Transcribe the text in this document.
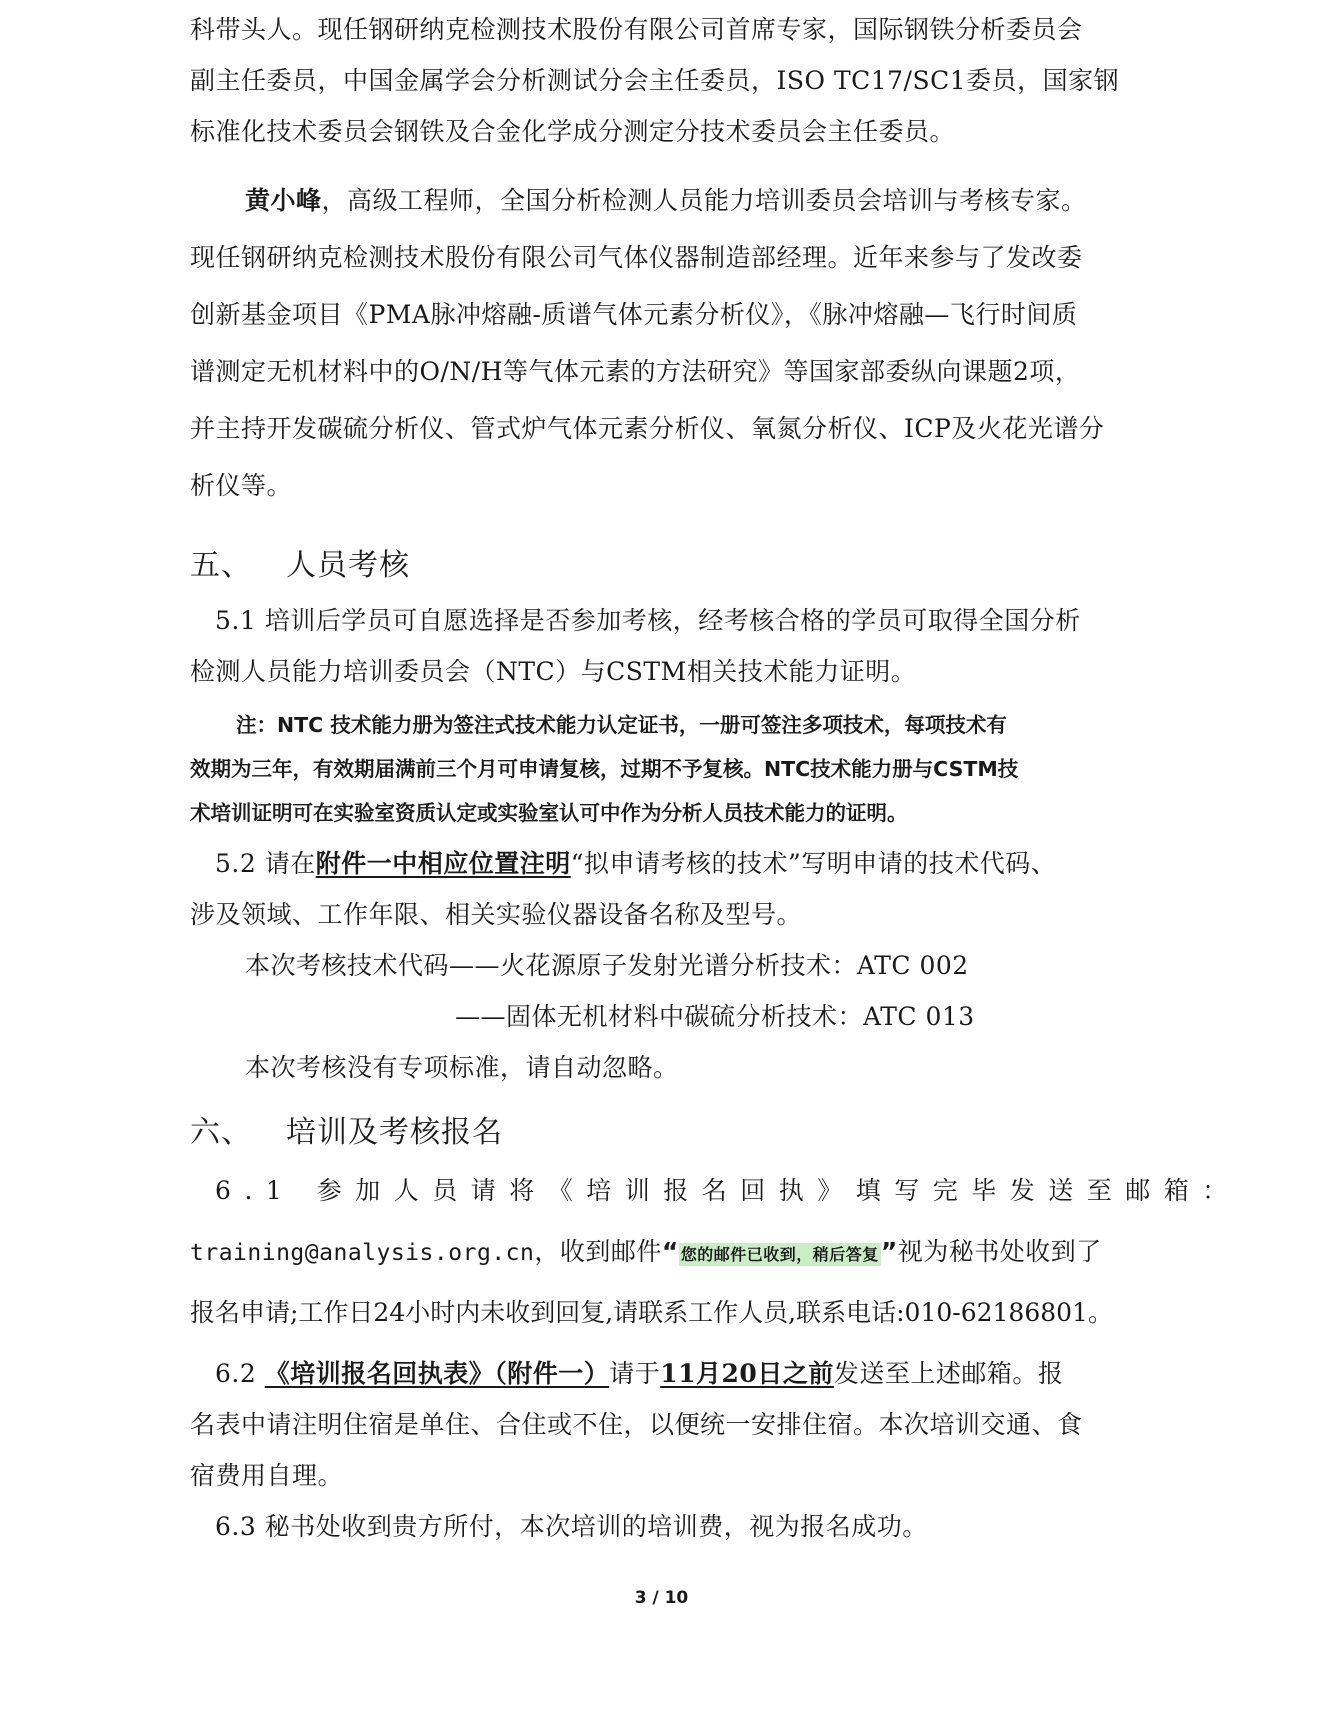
科带头人。现任钢研纳克检测技术股份有限公司首席专家，国际钢铁分析委员会
副主任委员，中国金属学会分析测试分会主任委员，ISO TC17/SC1委员，国家钢
标准化技术委员会钢铁及合金化学成分测定分技术委员会主任委员。
黄小峰，高级工程师，全国分析检测人员能力培训委员会培训与考核专家。
现任钢研纳克检测技术股份有限公司气体仪器制造部经理。近年来参与了发改委
创新基金项目《PMA脉冲熔融-质谱气体元素分析仪》，《脉冲熔融—飞行时间质
谱测定无机材料中的O/N/H等气体元素的方法研究》等国家部委纵向课题2项，
并主持开发碳硫分析仪、管式炉气体元素分析仪、氧氮分析仪、ICP及火花光谱分
析仪等。
五、 人员考核
5.1 培训后学员可自愿选择是否参加考核，经考核合格的学员可取得全国分析
检测人员能力培训委员会（NTC）与CSTM相关技术能力证明。
注：NTC 技术能力册为签注式技术能力认定证书，一册可签注多项技术，每项技术有
效期为三年，有效期届满前三个月可申请复核，过期不予复核。NTC技术能力册与CSTM技
术培训证明可在实验室资质认定或实验室认可中作为分析人员技术能力的证明。
5.2 请在附件一中相应位置注明“拟申请考核的技术”写明申请的技术代码、
涉及领域、工作年限、相关实验仪器设备名称及型号。
本次考核技术代码——火花源原子发射光谱分析技术：ATC 002
——固体无机材料中碳硫分析技术：ATC 013
本次考核没有专项标准，请自动忽略。
六、 培训及考核报名
6.1 参加人员请将《培训报名回执》填写完毕发送至邮箱：
training@analysis.org.cn，收到邮件“ 您的邮件已收到，稍后答复”视为秘书处收到了
报名申请;工作日24小时内未收到回复,请联系工作人员,联系电话:010-62186801。
6.2 《培训报名回执表》（附件一）请于11月20日之前发送至上述邮箱。报
名表中请注明住宿是单住、合住或不住，以便统一安排住宿。本次培训交通、食
宿费用自理。
6.3 秘书处收到贵方所付，本次培训的培训费，视为报名成功。
3 / 10
